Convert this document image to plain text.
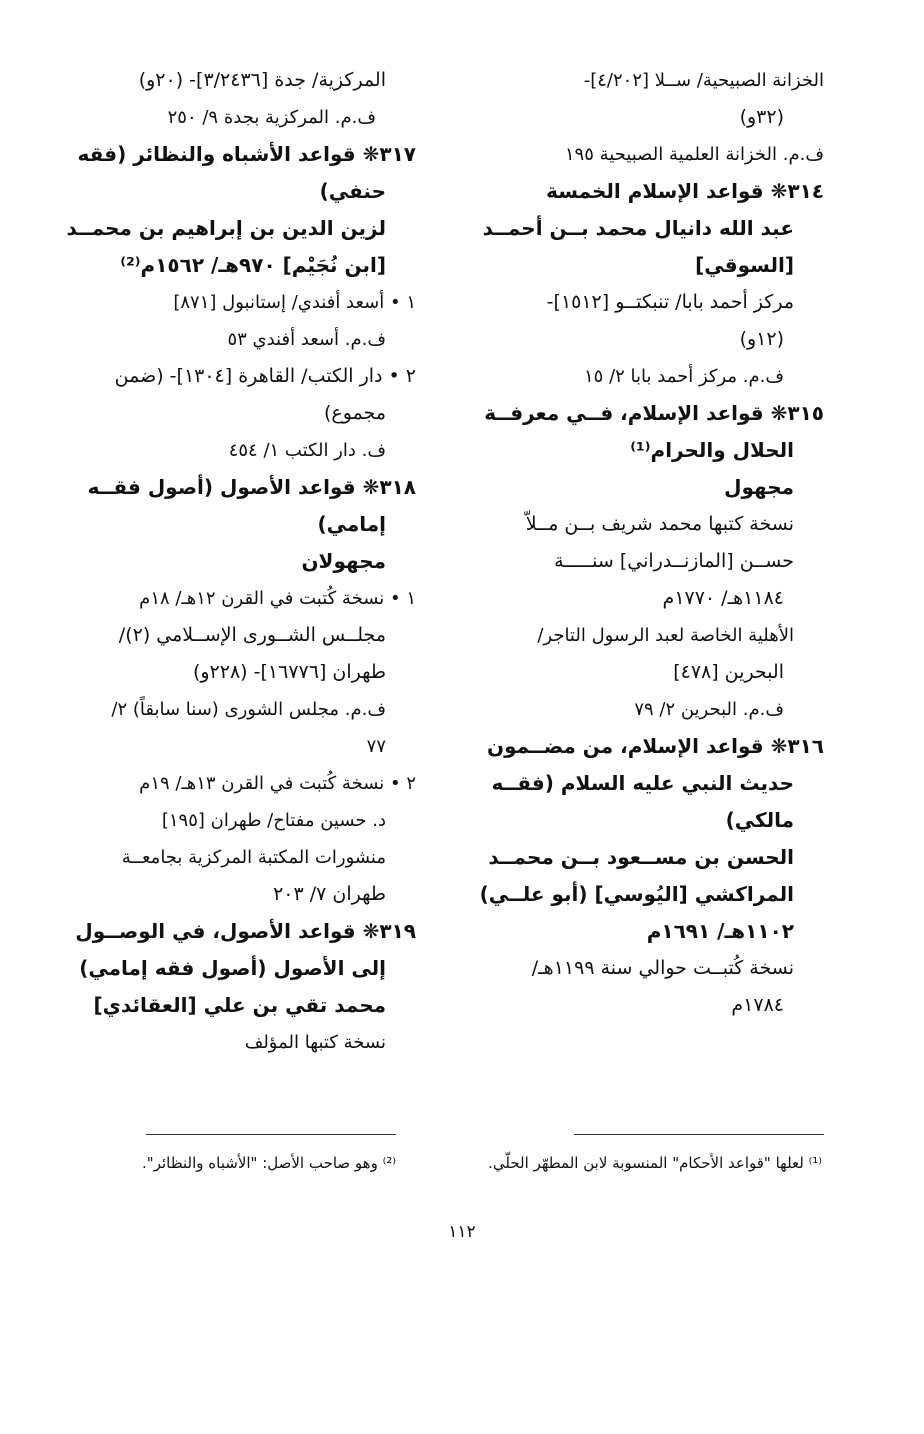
الخزانة الصبيحية/ ســلا [٤/٢٠٢]-
(٣٢و)
ف.م. الخزانة العلمية الصبيحية ١٩٥
٣١٤❋ قواعد الإسلام الخمسة
عبد الله دانيال محمد بــن أحمــد
[السوقي]
مركز أحمد بابا/ تنبكتــو [١٥١٢]-
(١٢و)
ف.م. مركز أحمد بابا ٢/ ١٥
٣١٥❋ قواعد الإسلام، فــي معرفــة
الحلال والحرام⁽¹⁾
مجهول
نسخة كتبها محمد شريف بــن مــلاّ
حســن [المازنــدراني] سنـــــة
١١٨٤هـ/ ١٧٧٠م
الأهلية الخاصة لعبد الرسول التاجر/
البحرين [٤٧٨]
ف.م. البحرين ٢/ ٧٩
٣١٦❋ قواعد الإسلام، من مضــمون
حديث النبي عليه السلام (فقــه
مالكي)
الحسن بن مســعود بــن محمــد
المراكشي [اليُوسي] (أبو علــي)
١١٠٢هـ/ ١٦٩١م
نسخة كُتبــت حوالي سنة ١١٩٩هـ/
١٧٨٤م
المركزية/ جدة [٣/٢٤٣٦]- (٢٠و)
ف.م. المركزية بجدة ٩/ ٢٥٠
٣١٧❋ قواعد الأشباه والنظائر (فقه
حنفي)
لزين الدين بن إبراهيم بن محمــد
[ابن نُجَيْم] ٩٧٠هـ/ ١٥٦٢م⁽²⁾
١ • أسعد أفندي/ إستانبول [٨٧١]
ف.م. أسعد أفندي ٥٣
٢ • دار الكتب/ القاهرة [١٣٠٤]- (ضمن
مجموع)
ف. دار الكتب ١/ ٤٥٤
٣١٨❋ قواعد الأصول (أصول فقــه
إمامي)
مجهولان
١ • نسخة كُتبت في القرن ١٢هـ/ ١٨م
مجلــس الشــورى الإســلامي (٢)/
طهران [١٦٧٧٦]- (٢٢٨و)
ف.م. مجلس الشورى (سنا سابقاً) ٢/
٧٧
٢ • نسخة كُتبت في القرن ١٣هـ/ ١٩م
د. حسين مفتاح/ طهران [١٩٥]
منشورات المكتبة المركزية بجامعــة
طهران ٧/ ٢٠٣
٣١٩❋ قواعد الأصول، في الوصــول
إلى الأصول (أصول فقه إمامي)
محمد تقي بن علي [العقائدي]
نسخة كتبها المؤلف
⁽¹⁾ لعلها "قواعد الأحكام" المنسوبة لابن المطهّر الحلّي.
⁽²⁾ وهو صاحب الأصل: "الأشباه والنظائر".
١١٢
